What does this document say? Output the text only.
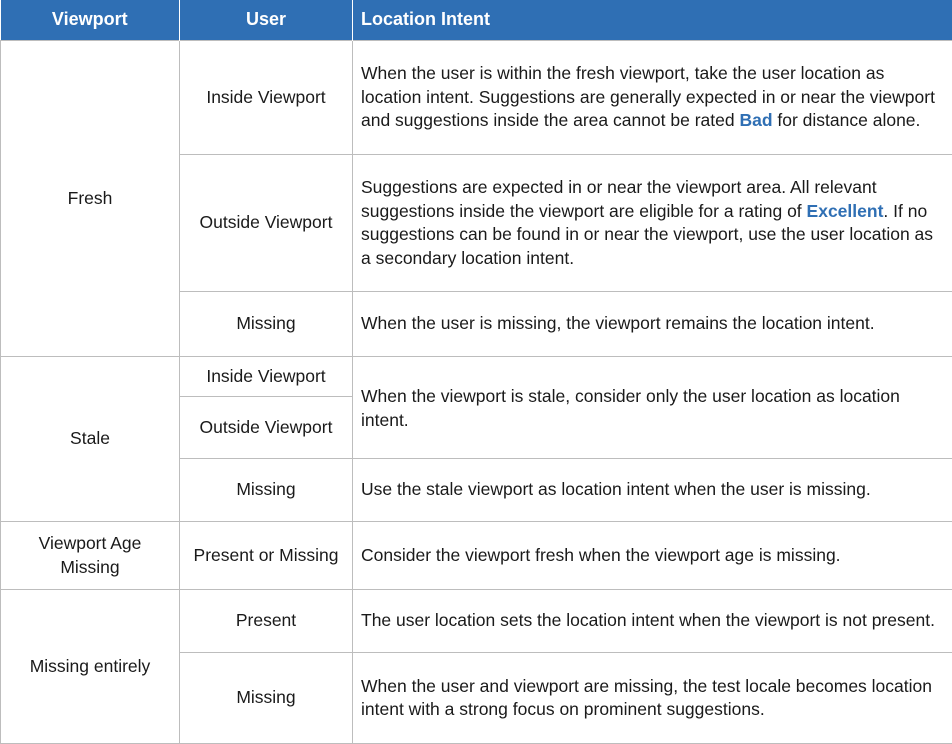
Viewport	User	Location Intent
Fresh	Inside Viewport	When the user is within the fresh viewport, take the user location as location intent. Suggestions are generally expected in or near the viewport and suggestions inside the area cannot be rated Bad for distance alone.
	Outside Viewport	Suggestions are expected in or near the viewport area. All relevant suggestions inside the viewport are eligible for a rating of Excellent. If no suggestions can be found in or near the viewport, use the user location as a secondary location intent.
	Missing	When the user is missing, the viewport remains the location intent.
Stale	Inside Viewport	When the viewport is stale, consider only the user location as location intent.
	Outside Viewport	
	Missing	Use the stale viewport as location intent when the user is missing.
Viewport Age Missing	Present or Missing	Consider the viewport fresh when the viewport age is missing.
Missing entirely	Present	The user location sets the location intent when the viewport is not present.
	Missing	When the user and viewport are missing, the test locale becomes location intent with a strong focus on prominent suggestions.
